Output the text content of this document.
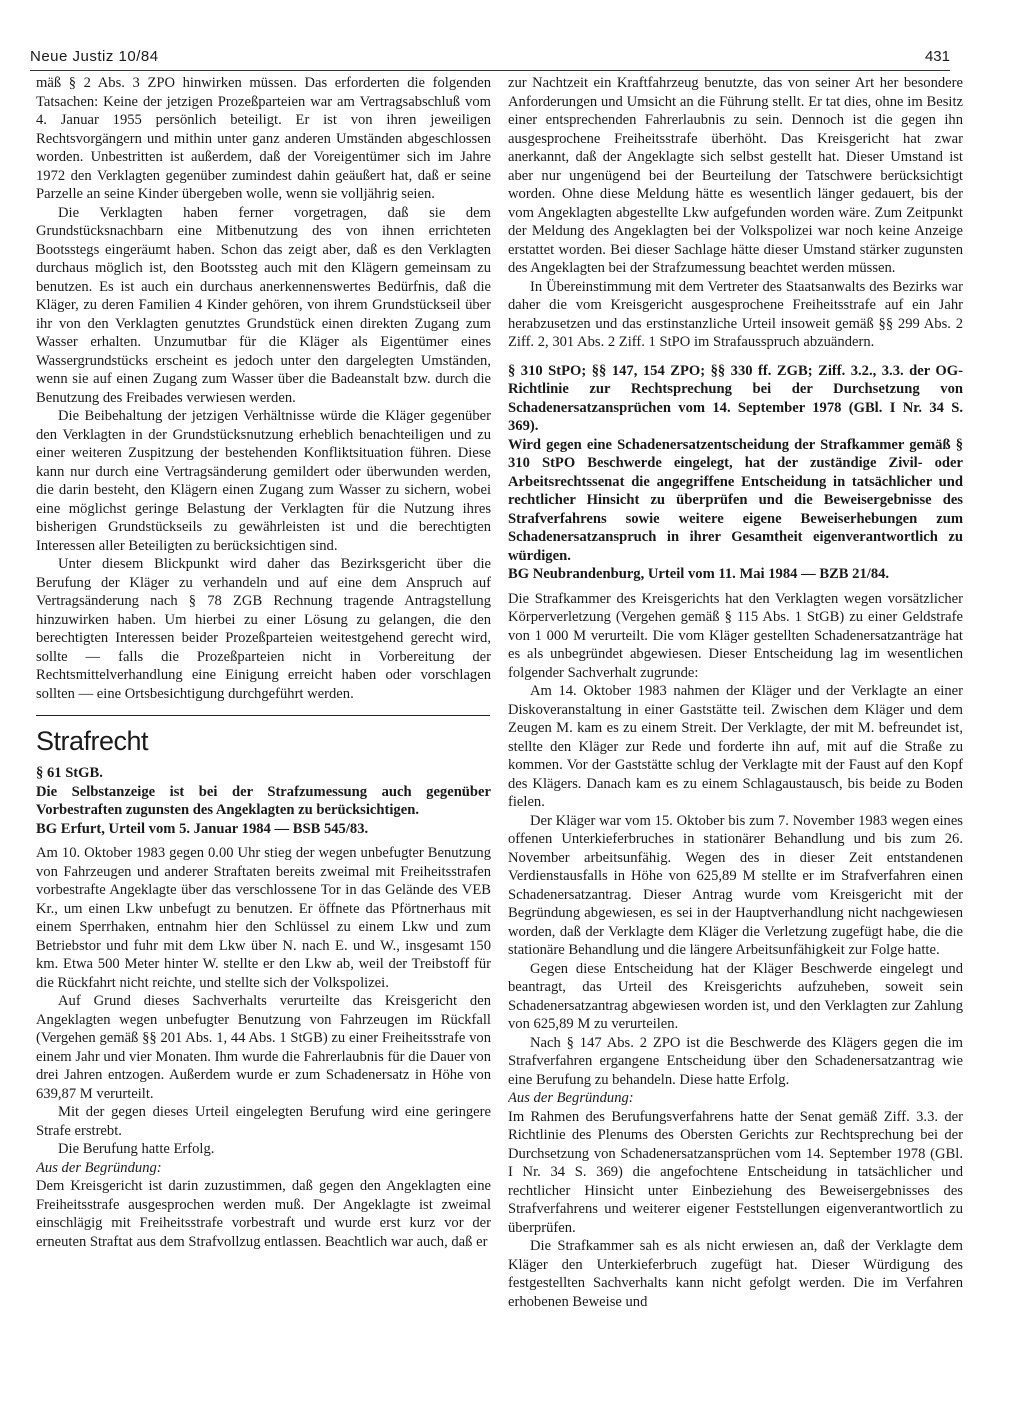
Neue Justiz 10/84	431

mäß § 2 Abs. 3 ZPO hinwirken müssen. Das erforderten die folgenden Tatsachen: Keine der jetzigen Prozeßparteien war am Vertragsabschluß vom 4. Januar 1955 persönlich beteiligt. Er ist von ihren jeweiligen Rechtsvorgängern und mithin unter ganz anderen Umständen abgeschlossen worden. Unbestritten ist außerdem, daß der Voreigentümer sich im Jahre 1972 den Verklagten gegenüber zumindest dahin geäußert hat, daß er seine Parzelle an seine Kinder übergeben wolle, wenn sie volljährig seien.

Die Verklagten haben ferner vorgetragen, daß sie dem Grundstücksnachbarn eine Mitbenutzung des von ihnen errichteten Bootsstegs eingeräumt haben. Schon das zeigt aber, daß es den Verklagten durchaus möglich ist, den Bootssteg auch mit den Klägern gemeinsam zu benutzen. Es ist auch ein durchaus anerkennenswertes Bedürfnis, daß die Kläger, zu deren Familien 4 Kinder gehören, von ihrem Grundstückseil über ihr von den Verklagten genutztes Grundstück einen direkten Zugang zum Wasser erhalten. Unzumutbar für die Kläger als Eigentümer eines Wassergrundstücks erscheint es jedoch unter den dargelegten Umständen, wenn sie auf einen Zugang zum Wasser über die Badeanstalt bzw. durch die Benutzung des Freibades verwiesen werden.

Die Beibehaltung der jetzigen Verhältnisse würde die Kläger gegenüber den Verklagten in der Grundstücksnutzung erheblich benachteiligen und zu einer weiteren Zuspitzung der bestehenden Konfliktsituation führen. Diese kann nur durch eine Vertragsänderung gemildert oder überwunden werden, die darin besteht, den Klägern einen Zugang zum Wasser zu sichern, wobei eine möglichst geringe Belastung der Verklagten für die Nutzung ihres bisherigen Grundstückseils zu gewährleisten ist und die berechtigten Interessen aller Beteiligten zu berücksichtigen sind.

Unter diesem Blickpunkt wird daher das Bezirksgericht über die Berufung der Kläger zu verhandeln und auf eine dem Anspruch auf Vertragsänderung nach § 78 ZGB Rechnung tragende Antragstellung hinzuwirken haben. Um hierbei zu einer Lösung zu gelangen, die den berechtigten Interessen beider Prozeßparteien weitestgehend gerecht wird, sollte — falls die Prozeßparteien nicht in Vorbereitung der Rechtsmittelverhandlung eine Einigung erreicht haben oder vorschlagen sollten — eine Ortsbesichtigung durchgeführt werden.

Strafrecht

§ 61 StGB.

Die Selbstanzeige ist bei der Strafzumessung auch gegenüber Vorbestraften zugunsten des Angeklagten zu berücksichtigen.

BG Erfurt, Urteil vom 5. Januar 1984 — BSB 545/83.

Am 10. Oktober 1983 gegen 0.00 Uhr stieg der wegen unbefugter Benutzung von Fahrzeugen und anderer Straftaten bereits zweimal mit Freiheitsstrafen vorbestrafte Angeklagte über das verschlossene Tor in das Gelände des VEB Kr., um einen Lkw unbefugt zu benutzen. Er öffnete das Pförtnerhaus mit einem Sperrhaken, entnahm hier den Schlüssel zu einem Lkw und zum Betriebstor und fuhr mit dem Lkw über N. nach E. und W., insgesamt 150 km. Etwa 500 Meter hinter W. stellte er den Lkw ab, weil der Treibstoff für die Rückfahrt nicht reichte, und stellte sich der Volkspolizei.

Auf Grund dieses Sachverhalts verurteilte das Kreisgericht den Angeklagten wegen unbefugter Benutzung von Fahrzeugen im Rückfall (Vergehen gemäß §§ 201 Abs. 1, 44 Abs. 1 StGB) zu einer Freiheitsstrafe von einem Jahr und vier Monaten. Ihm wurde die Fahrerlaubnis für die Dauer von drei Jahren entzogen. Außerdem wurde er zum Schadenersatz in Höhe von 639,87 M verurteilt.

Mit der gegen dieses Urteil eingelegten Berufung wird eine geringere Strafe erstrebt.

Die Berufung hatte Erfolg.

Aus der Begründung:

Dem Kreisgericht ist darin zuzustimmen, daß gegen den Angeklagten eine Freiheitsstrafe ausgesprochen werden muß. Der Angeklagte ist zweimal einschlägig mit Freiheitsstrafe vorbestraft und wurde erst kurz vor der erneuten Straftat aus dem Strafvollzug entlassen. Beachtlich war auch, daß er

zur Nachtzeit ein Kraftfahrzeug benutzte, das von seiner Art her besondere Anforderungen und Umsicht an die Führung stellt. Er tat dies, ohne im Besitz einer entsprechenden Fahrerlaubnis zu sein. Dennoch ist die gegen ihn ausgesprochene Freiheitsstrafe überhöht. Das Kreisgericht hat zwar anerkannt, daß der Angeklagte sich selbst gestellt hat. Dieser Umstand ist aber nur ungenügend bei der Beurteilung der Tatschwere berücksichtigt worden. Ohne diese Meldung hätte es wesentlich länger gedauert, bis der vom Angeklagten abgestellte Lkw aufgefunden worden wäre. Zum Zeitpunkt der Meldung des Angeklagten bei der Volkspolizei war noch keine Anzeige erstattet worden. Bei dieser Sachlage hätte dieser Umstand stärker zugunsten des Angeklagten bei der Strafzumessung beachtet werden müssen.

In Übereinstimmung mit dem Vertreter des Staatsanwalts des Bezirks war daher die vom Kreisgericht ausgesprochene Freiheitsstrafe auf ein Jahr herabzusetzen und das erstinstanzliche Urteil insoweit gemäß §§ 299 Abs. 2 Ziff. 2, 301 Abs. 2 Ziff. 1 StPO im Strafausspruch abzuändern.

§ 310 StPO; §§ 147, 154 ZPO; §§ 330 ff. ZGB; Ziff. 3.2., 3.3. der OG-Richtlinie zur Rechtsprechung bei der Durchsetzung von Schadenersatzansprüchen vom 14. September 1978 (GBl. I Nr. 34 S. 369).

Wird gegen eine Schadenersatzentscheidung der Strafkammer gemäß § 310 StPO Beschwerde eingelegt, hat der zuständige Zivil- oder Arbeitsrechtssenat die angegriffene Entscheidung in tatsächlicher und rechtlicher Hinsicht zu überprüfen und die Beweisergebnisse des Strafverfahrens sowie weitere eigene Beweiserhebungen zum Schadenersatzanspruch in ihrer Gesamtheit eigenverantwortlich zu würdigen.

BG Neubrandenburg, Urteil vom 11. Mai 1984 — BZB 21/84.

Die Strafkammer des Kreisgerichts hat den Verklagten wegen vorsätzlicher Körperverletzung (Vergehen gemäß § 115 Abs. 1 StGB) zu einer Geldstrafe von 1 000 M verurteilt. Die vom Kläger gestellten Schadenersatzanträge hat es als unbegründet abgewiesen. Dieser Entscheidung lag im wesentlichen folgender Sachverhalt zugrunde:

Am 14. Oktober 1983 nahmen der Kläger und der Verklagte an einer Diskoveranstaltung in einer Gaststätte teil. Zwischen dem Kläger und dem Zeugen M. kam es zu einem Streit. Der Verklagte, der mit M. befreundet ist, stellte den Kläger zur Rede und forderte ihn auf, mit auf die Straße zu kommen. Vor der Gaststätte schlug der Verklagte mit der Faust auf den Kopf des Klägers. Danach kam es zu einem Schlagaustausch, bis beide zu Boden fielen.

Der Kläger war vom 15. Oktober bis zum 7. November 1983 wegen eines offenen Unterkieferbruches in stationärer Behandlung und bis zum 26. November arbeitsunfähig. Wegen des in dieser Zeit entstandenen Verdienstausfalls in Höhe von 625,89 M stellte er im Strafverfahren einen Schadenersatzantrag. Dieser Antrag wurde vom Kreisgericht mit der Begründung abgewiesen, es sei in der Hauptverhandlung nicht nachgewiesen worden, daß der Verklagte dem Kläger die Verletzung zugefügt habe, die die stationäre Behandlung und die längere Arbeitsunfähigkeit zur Folge hatte.

Gegen diese Entscheidung hat der Kläger Beschwerde eingelegt und beantragt, das Urteil des Kreisgerichts aufzuheben, soweit sein Schadenersatzantrag abgewiesen worden ist, und den Verklagten zur Zahlung von 625,89 M zu verurteilen.

Nach § 147 Abs. 2 ZPO ist die Beschwerde des Klägers gegen die im Strafverfahren ergangene Entscheidung über den Schadenersatzantrag wie eine Berufung zu behandeln. Diese hatte Erfolg.

Aus der Begründung:

Im Rahmen des Berufungsverfahrens hatte der Senat gemäß Ziff. 3.3. der Richtlinie des Plenums des Obersten Gerichts zur Rechtsprechung bei der Durchsetzung von Schadenersatzansprüchen vom 14. September 1978 (GBl. I Nr. 34 S. 369) die angefochtene Entscheidung in tatsächlicher und rechtlicher Hinsicht unter Einbeziehung des Beweisergebnisses des Strafverfahrens und weiterer eigener Feststellungen eigenverantwortlich zu überprüfen.

Die Strafkammer sah es als nicht erwiesen an, daß der Verklagte dem Kläger den Unterkieferbruch zugefügt hat. Dieser Würdigung des festgestellten Sachverhalts kann nicht gefolgt werden. Die im Verfahren erhobenen Beweise und
